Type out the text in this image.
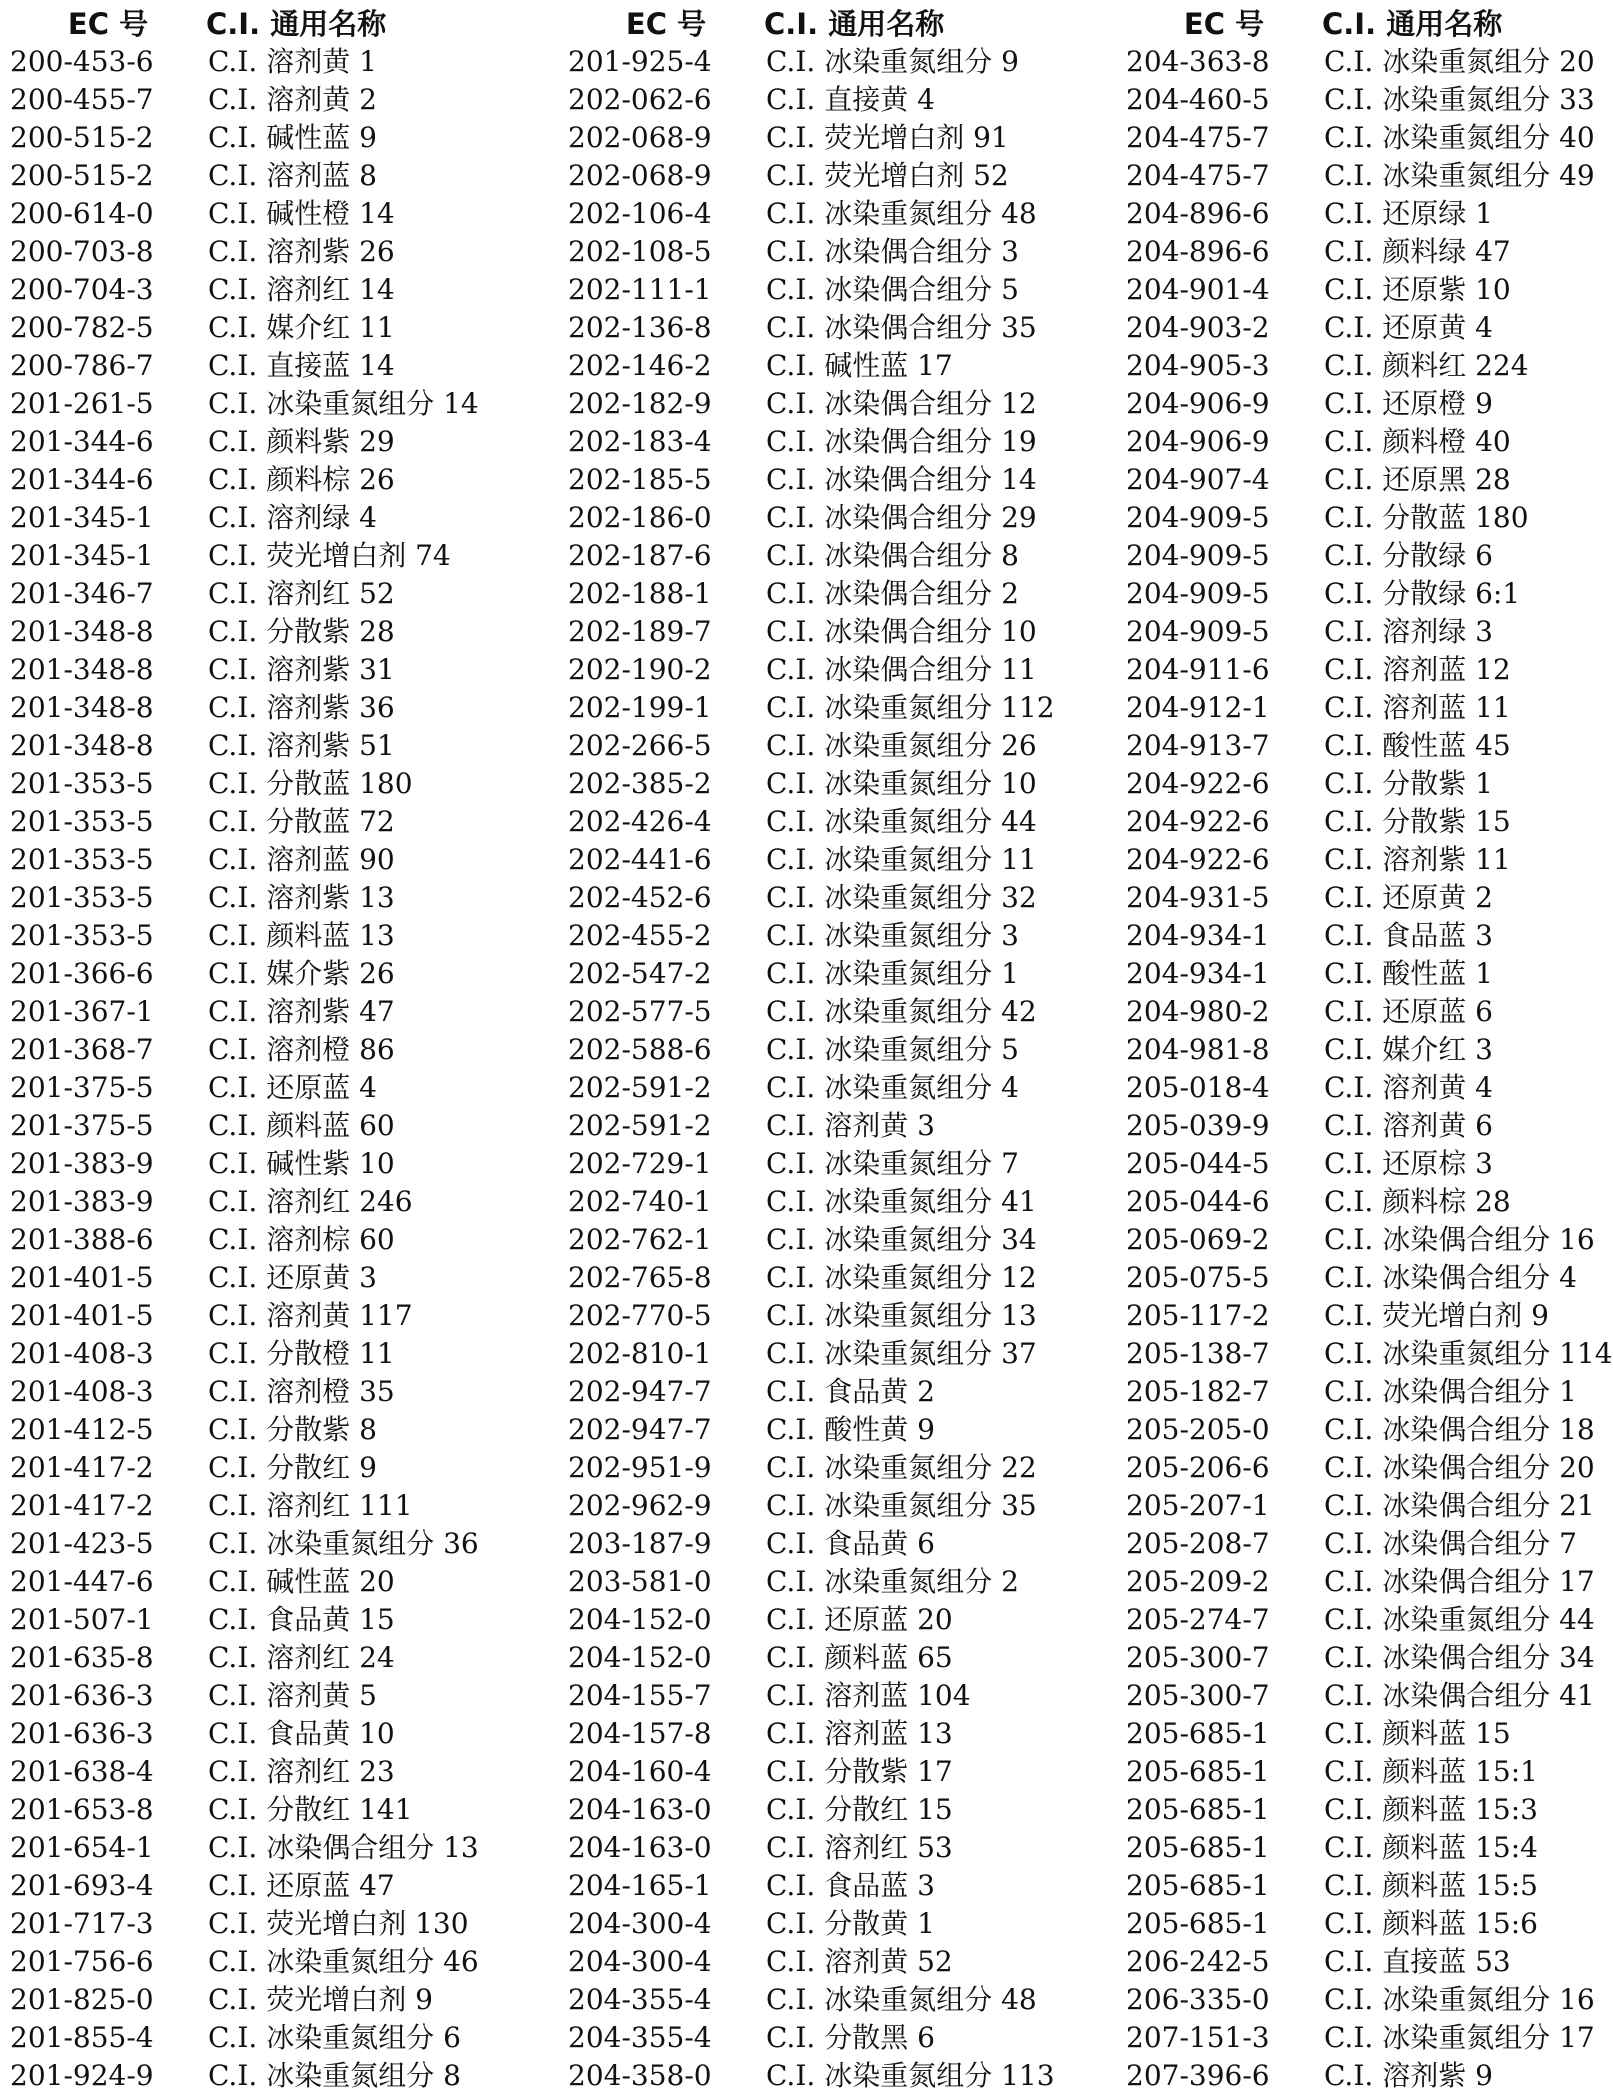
EC 号 C.I. 通用名称
200-453-6 C.I. 溶剂黄 1
200-455-7 C.I. 溶剂黄 2
200-515-2 C.I. 碱性蓝 9
200-515-2 C.I. 溶剂蓝 8
200-614-0 C.I. 碱性橙 14
200-703-8 C.I. 溶剂紫 26
200-704-3 C.I. 溶剂红 14
200-782-5 C.I. 媒介红 11
200-786-7 C.I. 直接蓝 14
201-261-5 C.I. 冰染重氮组分 14
201-344-6 C.I. 颜料紫 29
201-344-6 C.I. 颜料棕 26
201-345-1 C.I. 溶剂绿 4
201-345-1 C.I. 荧光增白剂 74
201-346-7 C.I. 溶剂红 52
201-348-8 C.I. 分散紫 28
201-348-8 C.I. 溶剂紫 31
201-348-8 C.I. 溶剂紫 36
201-348-8 C.I. 溶剂紫 51
201-353-5 C.I. 分散蓝 180
201-353-5 C.I. 分散蓝 72
201-353-5 C.I. 溶剂蓝 90
201-353-5 C.I. 溶剂紫 13
201-353-5 C.I. 颜料蓝 13
201-366-6 C.I. 媒介紫 26
201-367-1 C.I. 溶剂紫 47
201-368-7 C.I. 溶剂橙 86
201-375-5 C.I. 还原蓝 4
201-375-5 C.I. 颜料蓝 60
201-383-9 C.I. 碱性紫 10
201-383-9 C.I. 溶剂红 246
201-388-6 C.I. 溶剂棕 60
201-401-5 C.I. 还原黄 3
201-401-5 C.I. 溶剂黄 117
201-408-3 C.I. 分散橙 11
201-408-3 C.I. 溶剂橙 35
201-412-5 C.I. 分散紫 8
201-417-2 C.I. 分散红 9
201-417-2 C.I. 溶剂红 111
201-423-5 C.I. 冰染重氮组分 36
201-447-6 C.I. 碱性蓝 20
201-507-1 C.I. 食品黄 15
201-635-8 C.I. 溶剂红 24
201-636-3 C.I. 溶剂黄 5
201-636-3 C.I. 食品黄 10
201-638-4 C.I. 溶剂红 23
201-653-8 C.I. 分散红 141
201-654-1 C.I. 冰染偶合组分 13
201-693-4 C.I. 还原蓝 47
201-717-3 C.I. 荧光增白剂 130
201-756-6 C.I. 冰染重氮组分 46
201-825-0 C.I. 荧光增白剂 9
201-855-4 C.I. 冰染重氮组分 6
201-924-9 C.I. 冰染重氮组分 8
EC 号 C.I. 通用名称
201-925-4 C.I. 冰染重氮组分 9
202-062-6 C.I. 直接黄 4
202-068-9 C.I. 荧光增白剂 91
202-068-9 C.I. 荧光增白剂 52
202-106-4 C.I. 冰染重氮组分 48
202-108-5 C.I. 冰染偶合组分 3
202-111-1 C.I. 冰染偶合组分 5
202-136-8 C.I. 冰染偶合组分 35
202-146-2 C.I. 碱性蓝 17
202-182-9 C.I. 冰染偶合组分 12
202-183-4 C.I. 冰染偶合组分 19
202-185-5 C.I. 冰染偶合组分 14
202-186-0 C.I. 冰染偶合组分 29
202-187-6 C.I. 冰染偶合组分 8
202-188-1 C.I. 冰染偶合组分 2
202-189-7 C.I. 冰染偶合组分 10
202-190-2 C.I. 冰染偶合组分 11
202-199-1 C.I. 冰染重氮组分 112
202-266-5 C.I. 冰染重氮组分 26
202-385-2 C.I. 冰染重氮组分 10
202-426-4 C.I. 冰染重氮组分 44
202-441-6 C.I. 冰染重氮组分 11
202-452-6 C.I. 冰染重氮组分 32
202-455-2 C.I. 冰染重氮组分 3
202-547-2 C.I. 冰染重氮组分 1
202-577-5 C.I. 冰染重氮组分 42
202-588-6 C.I. 冰染重氮组分 5
202-591-2 C.I. 冰染重氮组分 4
202-591-2 C.I. 溶剂黄 3
202-729-1 C.I. 冰染重氮组分 7
202-740-1 C.I. 冰染重氮组分 41
202-762-1 C.I. 冰染重氮组分 34
202-765-8 C.I. 冰染重氮组分 12
202-770-5 C.I. 冰染重氮组分 13
202-810-1 C.I. 冰染重氮组分 37
202-947-7 C.I. 食品黄 2
202-947-7 C.I. 酸性黄 9
202-951-9 C.I. 冰染重氮组分 22
202-962-9 C.I. 冰染重氮组分 35
203-187-9 C.I. 食品黄 6
203-581-0 C.I. 冰染重氮组分 2
204-152-0 C.I. 还原蓝 20
204-152-0 C.I. 颜料蓝 65
204-155-7 C.I. 溶剂蓝 104
204-157-8 C.I. 溶剂蓝 13
204-160-4 C.I. 分散紫 17
204-163-0 C.I. 分散红 15
204-163-0 C.I. 溶剂红 53
204-165-1 C.I. 食品蓝 3
204-300-4 C.I. 分散黄 1
204-300-4 C.I. 溶剂黄 52
204-355-4 C.I. 冰染重氮组分 48
204-355-4 C.I. 分散黑 6
204-358-0 C.I. 冰染重氮组分 113
EC 号 C.I. 通用名称
204-363-8 C.I. 冰染重氮组分 20
204-460-5 C.I. 冰染重氮组分 33
204-475-7 C.I. 冰染重氮组分 40
204-475-7 C.I. 冰染重氮组分 49
204-896-6 C.I. 还原绿 1
204-896-6 C.I. 颜料绿 47
204-901-4 C.I. 还原紫 10
204-903-2 C.I. 还原黄 4
204-905-3 C.I. 颜料红 224
204-906-9 C.I. 还原橙 9
204-906-9 C.I. 颜料橙 40
204-907-4 C.I. 还原黑 28
204-909-5 C.I. 分散蓝 180
204-909-5 C.I. 分散绿 6
204-909-5 C.I. 分散绿 6:1
204-909-5 C.I. 溶剂绿 3
204-911-6 C.I. 溶剂蓝 12
204-912-1 C.I. 溶剂蓝 11
204-913-7 C.I. 酸性蓝 45
204-922-6 C.I. 分散紫 1
204-922-6 C.I. 分散紫 15
204-922-6 C.I. 溶剂紫 11
204-931-5 C.I. 还原黄 2
204-934-1 C.I. 食品蓝 3
204-934-1 C.I. 酸性蓝 1
204-980-2 C.I. 还原蓝 6
204-981-8 C.I. 媒介红 3
205-018-4 C.I. 溶剂黄 4
205-039-9 C.I. 溶剂黄 6
205-044-5 C.I. 还原棕 3
205-044-6 C.I. 颜料棕 28
205-069-2 C.I. 冰染偶合组分 16
205-075-5 C.I. 冰染偶合组分 4
205-117-2 C.I. 荧光增白剂 9
205-138-7 C.I. 冰染重氮组分 114
205-182-7 C.I. 冰染偶合组分 1
205-205-0 C.I. 冰染偶合组分 18
205-206-6 C.I. 冰染偶合组分 20
205-207-1 C.I. 冰染偶合组分 21
205-208-7 C.I. 冰染偶合组分 7
205-209-2 C.I. 冰染偶合组分 17
205-274-7 C.I. 冰染重氮组分 44
205-300-7 C.I. 冰染偶合组分 34
205-300-7 C.I. 冰染偶合组分 41
205-685-1 C.I. 颜料蓝 15
205-685-1 C.I. 颜料蓝 15:1
205-685-1 C.I. 颜料蓝 15:3
205-685-1 C.I. 颜料蓝 15:4
205-685-1 C.I. 颜料蓝 15:5
205-685-1 C.I. 颜料蓝 15:6
206-242-5 C.I. 直接蓝 53
206-335-0 C.I. 冰染重氮组分 16
207-151-3 C.I. 冰染重氮组分 17
207-396-6 C.I. 溶剂紫 9
